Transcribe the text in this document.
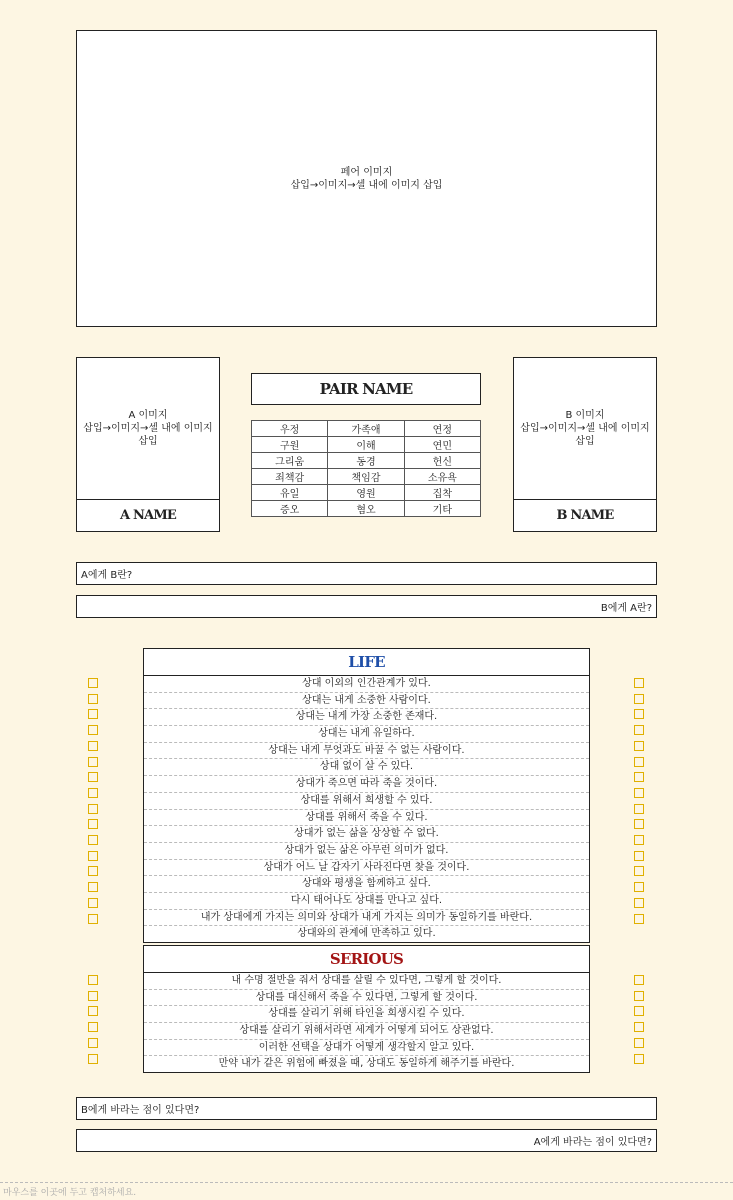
페어 이미지
삽입→이미지→셀 내에 이미지 삽입
A 이미지
삽입→이미지→셀 내에 이미지 삽입
A NAME
PAIR NAME
우정	가족애	연정
구원	이해	연민
그리움	동경	헌신
죄책감	책임감	소유욕
유일	영원	집착
증오	혐오	기타
B 이미지
삽입→이미지→셀 내에 이미지 삽입
B NAME
A에게 B란?
B에게 A란?
LIFE
상대 이외의 인간관계가 있다.
상대는 내게 소중한 사람이다.
상대는 내게 가장 소중한 존재다.
상대는 내게 유일하다.
상대는 내게 무엇과도 바꿀 수 없는 사람이다.
상대 없이 살 수 있다.
상대가 죽으면 따라 죽을 것이다.
상대를 위해서 희생할 수 있다.
상대를 위해서 죽을 수 있다.
상대가 없는 삶을 상상할 수 없다.
상대가 없는 삶은 아무런 의미가 없다.
상대가 어느 날 갑자기 사라진다면 찾을 것이다.
상대와 평생을 함께하고 싶다.
다시 태어나도 상대를 만나고 싶다.
내가 상대에게 가지는 의미와 상대가 내게 가지는 의미가 동일하기를 바란다.
상대와의 관계에 만족하고 있다.
SERIOUS
내 수명 절반을 줘서 상대를 살릴 수 있다면, 그렇게 할 것이다.
상대를 대신해서 죽을 수 있다면, 그렇게 할 것이다.
상대를 살리기 위해 타인을 희생시킬 수 있다.
상대를 살리기 위해서라면 세계가 어떻게 되어도 상관없다.
이러한 선택을 상대가 어떻게 생각할지 알고 있다.
만약 내가 같은 위험에 빠졌을 때, 상대도 동일하게 해주기를 바란다.
B에게 바라는 점이 있다면?
A에게 바라는 점이 있다면?
마우스를 이곳에 두고 캡처하세요.
